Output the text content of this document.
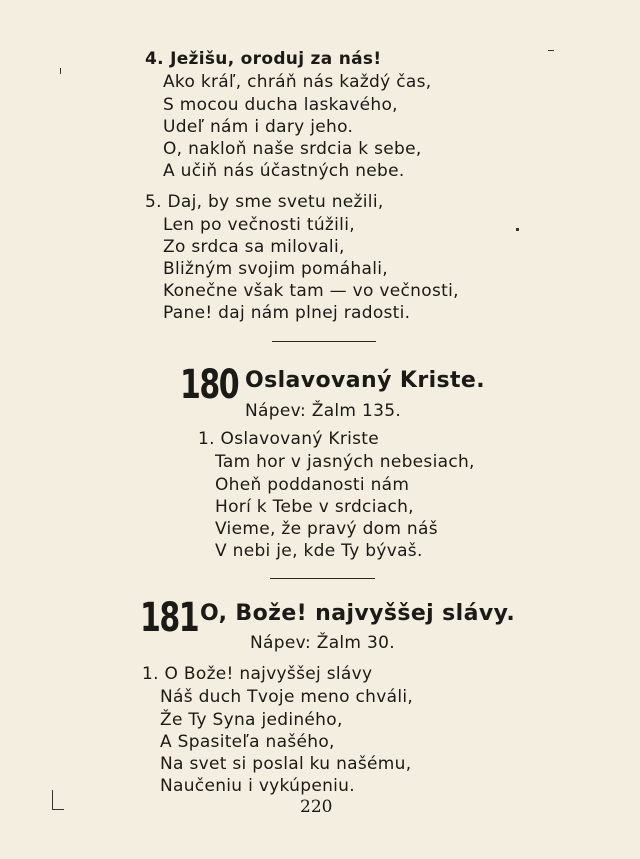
4. Ježišu, oroduj za nás!
Ako kráľ, chráň nás každý čas,
S mocou ducha laskavého,
Udeľ nám i dary jeho.
O, nakloň naše srdcia k sebe,
A učiň nás účastných nebe.
5. Daj, by sme svetu nežili,
Len po večnosti túžili,
Zo srdca sa milovali,
Bližným svojim pomáhali,
Konečne však tam — vo večnosti,
Pane! daj nám plnej radosti.
180 Oslavovaný Kriste.
Nápev: Žalm 135.
1. Oslavovaný Kriste
Tam hor v jasných nebesiach,
Oheň poddanosti nám
Horí k Tebe v srdciach,
Vieme, že pravý dom náš
V nebi je, kde Ty bývaš.
181 O, Bože! najvyššej slávy.
Nápev: Žalm 30.
1. O Bože! najvyššej slávy
Náš duch Tvoje meno chváli,
Že Ty Syna jediného,
A Spasiteľa našého,
Na svet si poslal ku našému,
Naučeniu i vykúpeniu.
220
